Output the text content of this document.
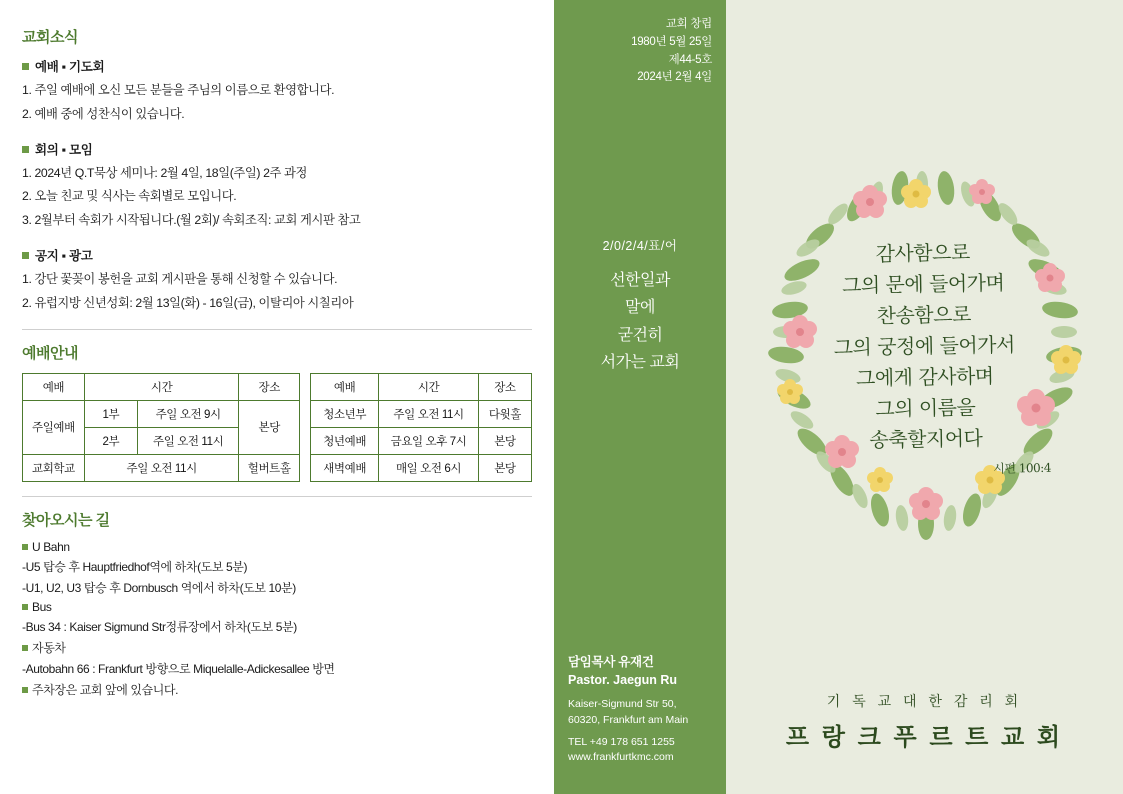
교회소식
예배 ▪ 기도회

1. 주일 예배에 오신 모든 분들을 주님의 이름으로 환영합니다.

2. 예배 중에 성찬식이 있습니다.

회의 ▪ 모임

1. 2024년 Q.T묵상 세미나: 2월 4일, 18일(주일) 2주 과정

2. 오늘 친교 및 식사는 속회별로 모입니다.

3. 2월부터 속회가 시작됩니다.(월 2회)/ 속회조직: 교회 게시판 참고

공지 ▪ 광고

1. 강단 꽃꽂이 봉헌을 교회 게시판을 통해 신청할 수 있습니다.

2. 유럽지방 신년성회: 2월 13일(화) - 16일(금), 이탈리아 시칠리아

예배안내
예배	시간		장소
주일예배	1부	주일 오전 9시	본당
	2부	주일 오전 11시	
교회학교	주일 오전 11시		헐버트홀
예배	시간	장소
청소년부	주일 오전 11시	다윗홀
청년예배	금요일 오후 7시	본당
새벽예배	매일 오전 6시	본당
찾아오시는 길

U Bahn

-U5 탑승 후 Hauptfriedhof역에 하차(도보 5분)

-U1, U2, U3 탑승 후 Dornbusch 역에서 하차(도보 10분)

Bus

-Bus 34 : Kaiser Sigmund Str정류장에서 하차(도보 5분)

자동차

-Autobahn 66 : Frankfurt 방향으로 Miquelalle-Adickesallee 방면

주차장은 교회 앞에 있습니다.

교회 창립
1980년 5월 25일
제44-5호
2024년 2월 4일
2/0/2/4/표/어
선한일과
말에
굳건히
서가는 교회
담임목사 유재건
Pastor. Jaegun Ru
Kaiser-Sigmund Str 50,
60320, Frankfurt am Main
TEL +49 178 651 1255
www.frankfurtkmc.com
감사함으로
그의 문에 들어가며
찬송함으로
그의 궁정에 들어가서
그에게 감사하며
그의 이름을
송축할지어다
시편 100:4
기 독 교 대 한 감 리 회
프 랑 크 푸 르 트 교 회
